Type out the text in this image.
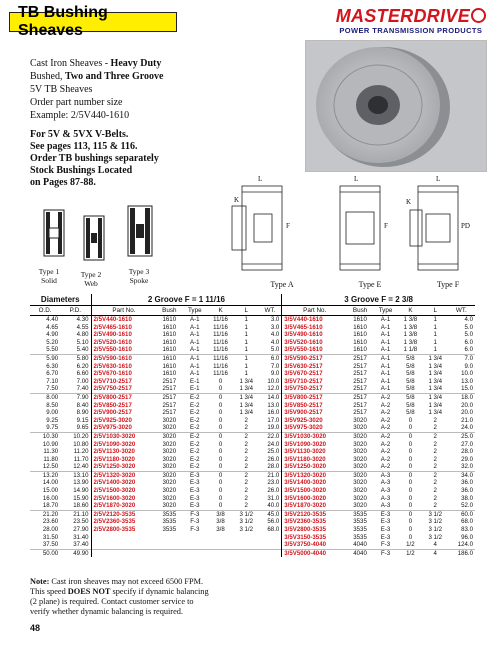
TB Bushing Sheaves
MASTERDRIVE
POWER TRANSMISSION PRODUCTS
Cast Iron Sheaves - Heavy Duty
Bushed, Two and Three Groove
5V TB Sheaves
Order part number size
Example: 2/5V440-1610
For 5V & 5VX V-Belts.
See pages 113, 115 & 116.
Order TB bushings separately
Stock Bushings Located
on Pages 87-88.
Type 1
Solid
Type 2
Web
Type 3
Spoke
K
L
F
L
F
K
L
PD
Type A	Type E	Type F
Diameters		2 Groove F = 1 11/16						3 Groove F = 2 3/8					
O.D.	P.D.	Part No.	Bush	Type	K	L	WT.	Part No.	Bush	Type	K	L	WT.
4.40	4.30	2/5V440-1610	1610	A-1	11/16	1	3.0	3/5V440-1610	1610	A-1	1 3/8	1	4.0
4.65	4.55	2/5V465-1610	1610	A-1	11/16	1	3.0	3/5V465-1610	1610	A-1	1 3/8	1	5.0
4.90	4.80	2/5V490-1610	1610	A-1	11/16	1	4.0	3/5V490-1610	1610	A-1	1 3/8	1	5.0
5.20	5.10	2/5V520-1610	1610	A-1	11/16	1	4.0	3/5V520-1610	1610	A-1	1 3/8	1	6.0
5.50	5.40	2/5V550-1610	1610	A-1	11/16	1	5.0	3/5V550-1610	1610	A-1	1 1/8	1	6.0
5.90	5.80	2/5V590-1610	1610	A-1	11/16	1	6.0	3/5V590-2517	2517	A-1	5/8	1 3/4	7.0
6.30	6.20	2/5V630-1610	1610	A-1	11/16	1	7.0	3/5V630-2517	2517	A-1	5/8	1 3/4	9.0
6.70	6.60	2/5V670-1610	1610	A-1	11/16	1	9.0	3/5V670-2517	2517	A-1	5/8	1 3/4	10.0
7.10	7.00	2/5V710-2517	2517	E-1	0	1 3/4	10.0	3/5V710-2517	2517	A-1	5/8	1 3/4	13.0
7.50	7.40	2/5V750-2517	2517	E-1	0	1 3/4	12.0	3/5V750-2517	2517	A-1	5/8	1 3/4	15.0
8.00	7.90	2/5V800-2517	2517	E-2	0	1 3/4	14.0	3/5V800-2517	2517	A-2	5/8	1 3/4	18.0
8.50	8.40	2/5V850-2517	2517	E-2	0	1 3/4	13.0	3/5V850-2517	2517	A-2	5/8	1 3/4	20.0
9.00	8.90	2/5V900-2517	2517	E-2	0	1 3/4	16.0	3/5V900-2517	2517	A-2	5/8	1 3/4	20.0
9.25	9.15	2/5V925-3020	3020	E-2	0	2	17.0	3/5V925-3020	3020	A-2	0	2	21.0
9.75	9.65	2/5V975-3020	3020	E-2	0	2	19.0	3/5V975-3020	3020	A-2	0	2	24.0
10.30	10.20	2/5V1030-3020	3020	E-2	0	2	22.0	3/5V1030-3020	3020	A-2	0	2	25.0
10.90	10.80	2/5V1090-3020	3020	E-2	0	2	24.0	3/5V1090-3020	3020	A-2	0	2	27.0
11.30	11.20	2/5V1130-3020	3020	E-2	0	2	25.0	3/5V1130-3020	3020	A-2	0	2	28.0
11.80	11.70	2/5V1180-3020	3020	E-2	0	2	26.0	3/5V1180-3020	3020	A-2	0	2	29.0
12.50	12.40	2/5V1250-3020	3020	E-2	0	2	28.0	3/5V1250-3020	3020	A-2	0	2	32.0
13.20	13.10	2/5V1320-3020	3020	E-3	0	2	21.0	3/5V1320-3020	3020	A-3	0	2	34.0
14.00	13.90	2/5V1400-3020	3020	E-3	0	2	23.0	3/5V1400-3020	3020	A-3	0	2	36.0
15.00	14.90	2/5V1500-3020	3020	E-3	0	2	26.0	3/5V1500-3020	3020	A-3	0	2	36.0
16.00	15.90	2/5V1600-3020	3020	E-3	0	2	31.0	3/5V1600-3020	3020	A-3	0	2	38.0
18.70	18.60	2/5V1870-3020	3020	E-3	0	2	40.0	3/5V1870-3020	3020	A-3	0	2	52.0
21.20	21.10	2/5V2120-3535	3535	F-3	3/8	3 1/2	45.0	3/5V2120-3535	3535	E-3	0	3 1/2	60.0
23.60	23.50	2/5V2360-3535	3535	F-3	3/8	3 1/2	56.0	3/5V2360-3535	3535	E-3	0	3 1/2	68.0
28.00	27.90	2/5V2800-3535	3535	F-3	3/8	3 1/2	68.0	3/5V2800-3535	3535	E-3	0	3 1/2	83.0
31.50	31.40							3/5V3150-3535	3535	E-3	0	3 1/2	96.0
37.50	37.40							3/5V3750-4040	4040	F-3	1/2	4	124.0
50.00	49.90							3/5V5000-4040	4040	F-3	1/2	4	186.0
Note: Cast iron sheaves may not exceed 6500 FPM.
This speed DOES NOT specify if dynamic balancing
(2 plane) is required. Contact customer service to
verify whether dynamic balancing is required.
48
